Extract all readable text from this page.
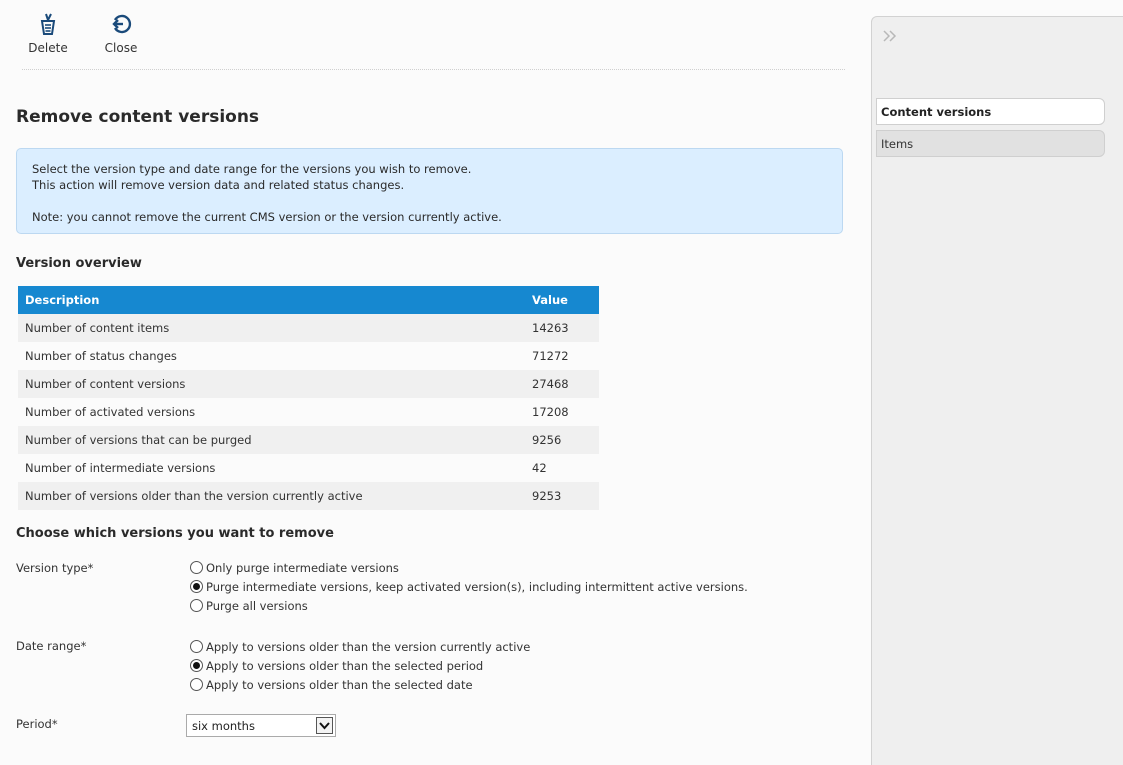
Delete	Close
Remove content versions

Select the version type and date range for the versions you wish to remove.

This action will remove version data and related status changes.

Note: you cannot remove the current CMS version or the version currently active.

Version overview
Description	Value
Number of content items	14263
Number of status changes	71272
Number of content versions	27468
Number of activated versions	17208
Number of versions that can be purged	9256
Number of intermediate versions	42
Number of versions older than the version currently active	9253
Choose which versions you want to remove
Version type*	Only purge intermediate versions
Purge intermediate versions, keep activated version(s), including intermittent active versions.
Purge all versions
Date range*	Apply to versions older than the version currently active
Apply to versions older than the selected period
Apply to versions older than the selected date
Period*	six months
Content versions
Items
